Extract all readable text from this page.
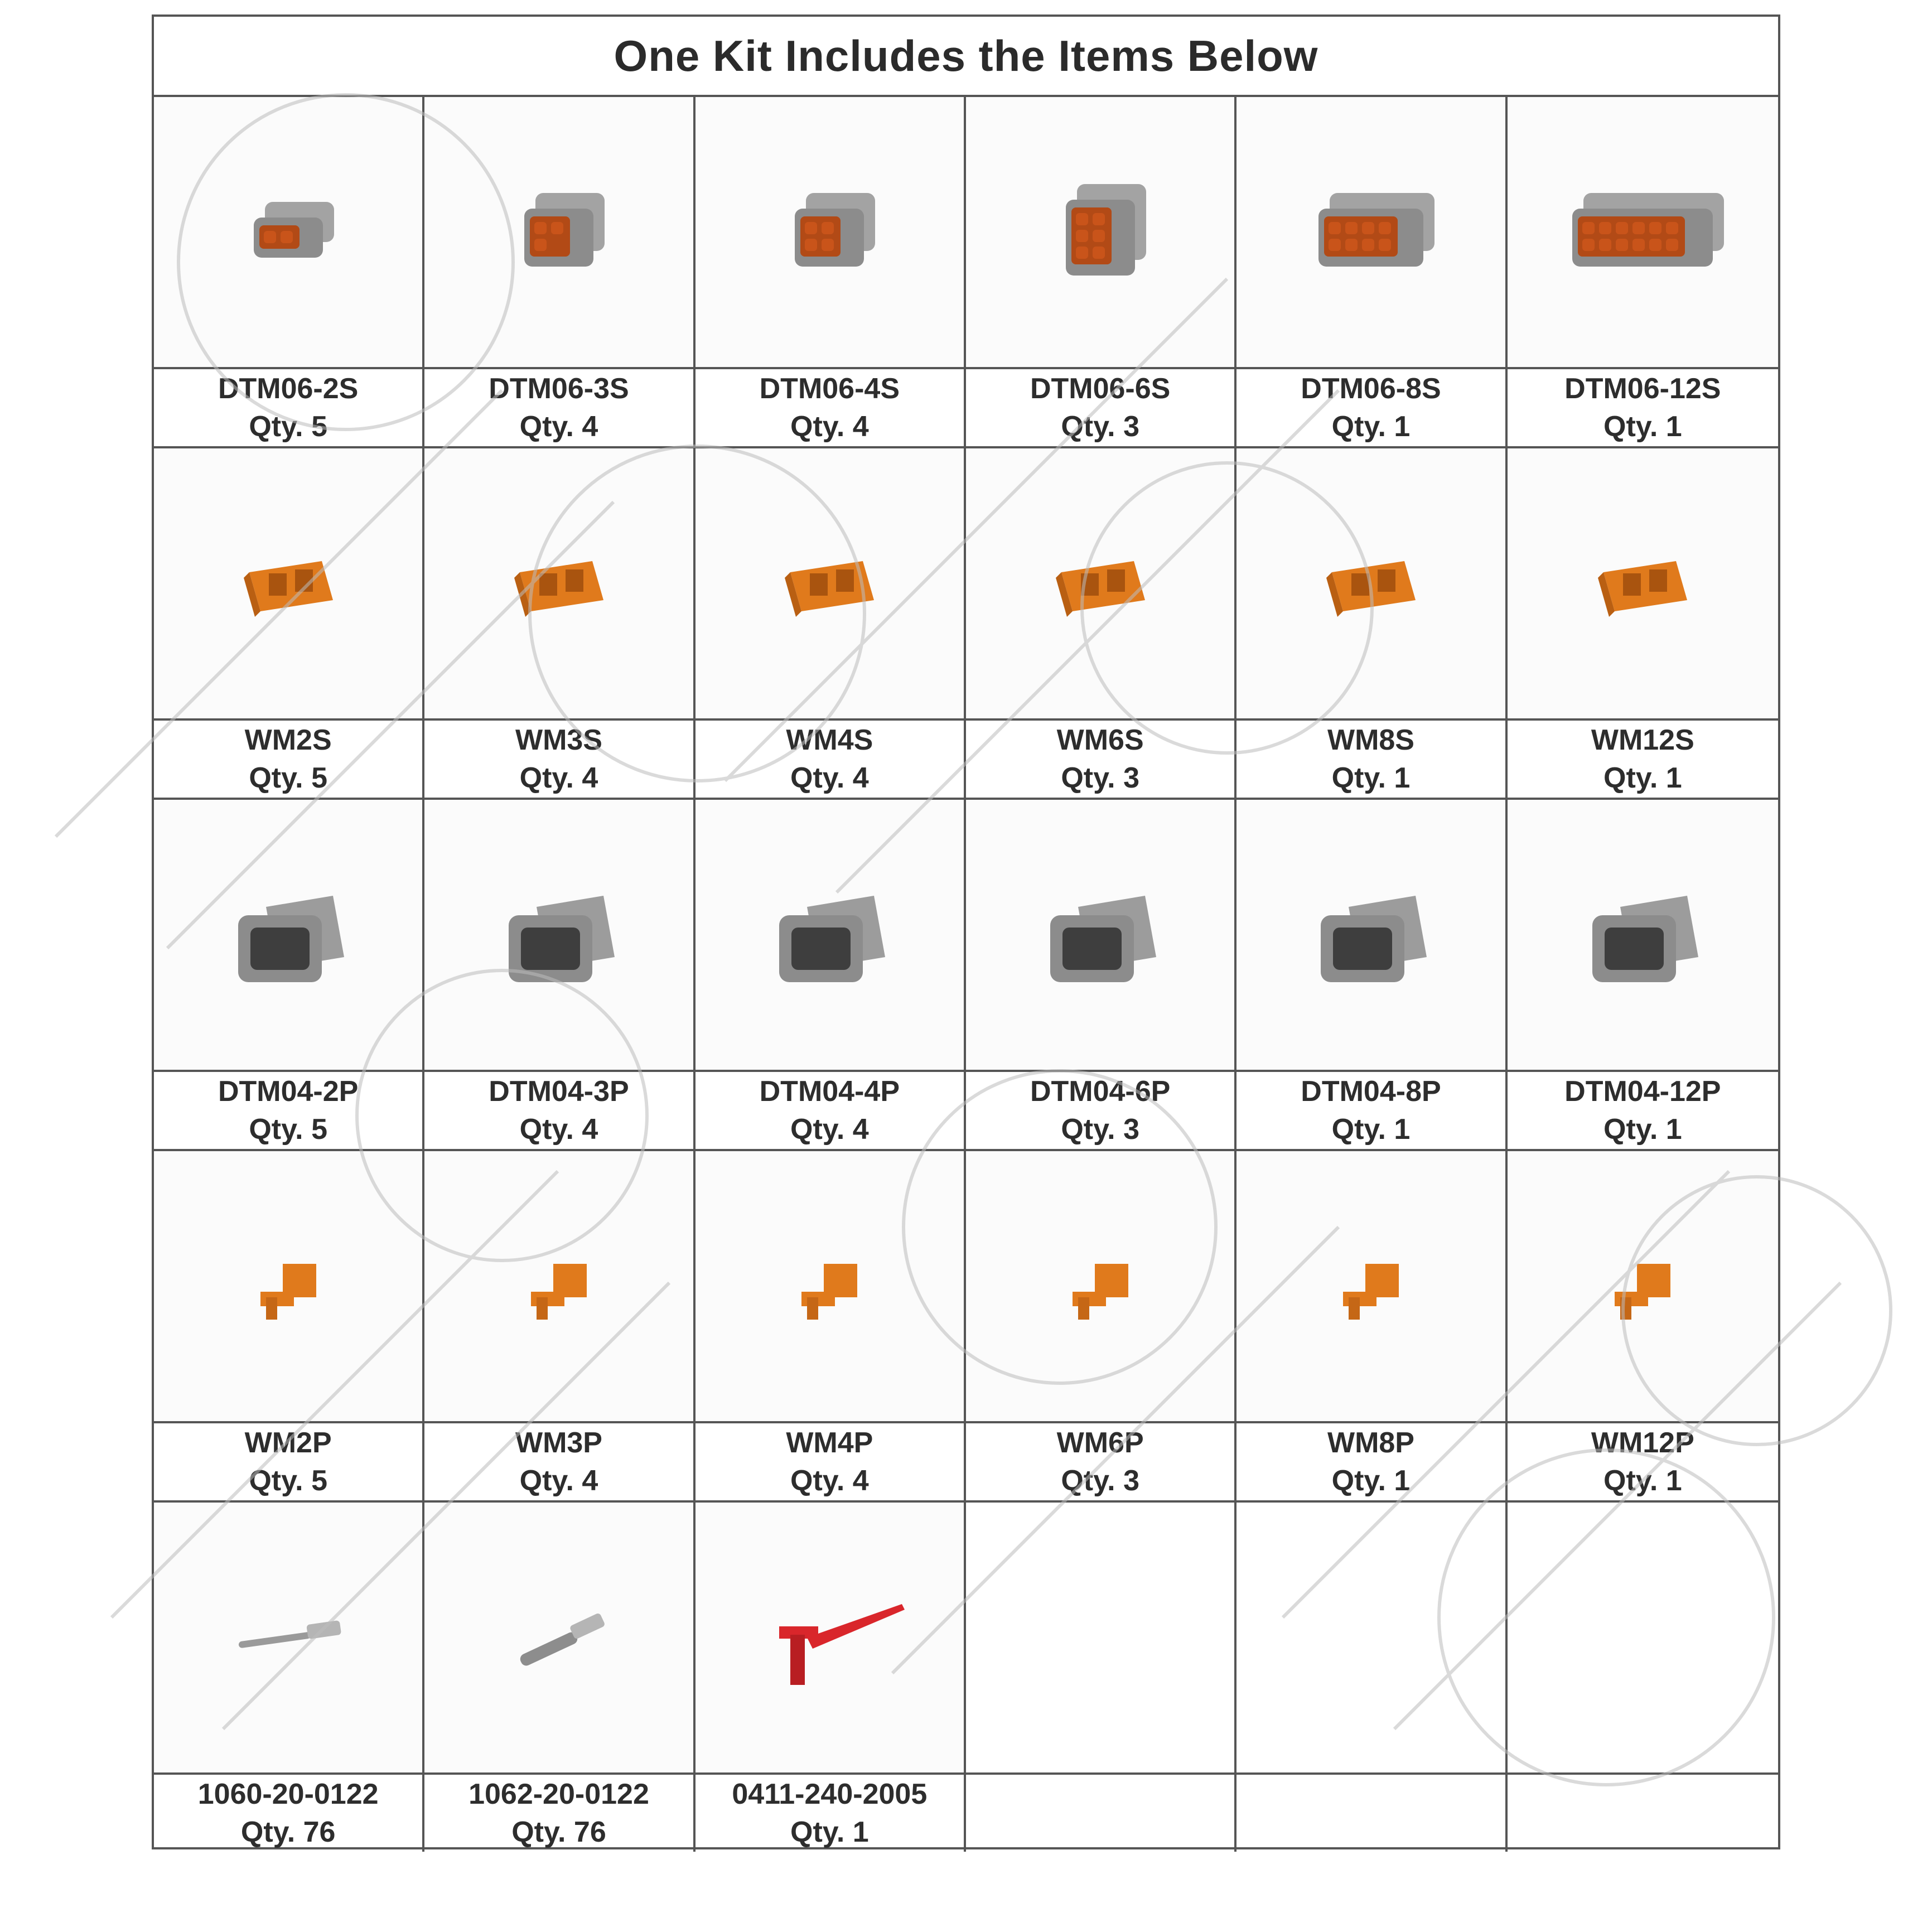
One Kit Includes the Items Below
DTM06-2S
Qty. 5
DTM06-3S
Qty. 4
DTM06-4S
Qty. 4
DTM06-6S
Qty. 3
DTM06-8S
Qty. 1
DTM06-12S
Qty. 1
WM2S
Qty. 5
WM3S
Qty. 4
WM4S
Qty. 4
WM6S
Qty. 3
WM8S
Qty. 1
WM12S
Qty. 1
DTM04-2P
Qty. 5
DTM04-3P
Qty. 4
DTM04-4P
Qty. 4
DTM04-6P
Qty. 3
DTM04-8P
Qty. 1
DTM04-12P
Qty. 1
WM2P
Qty. 5
WM3P
Qty. 4
WM4P
Qty. 4
WM6P
Qty. 3
WM8P
Qty. 1
WM12P
Qty. 1
1060-20-0122
Qty. 76
1062-20-0122
Qty. 76
0411-240-2005
Qty. 1
